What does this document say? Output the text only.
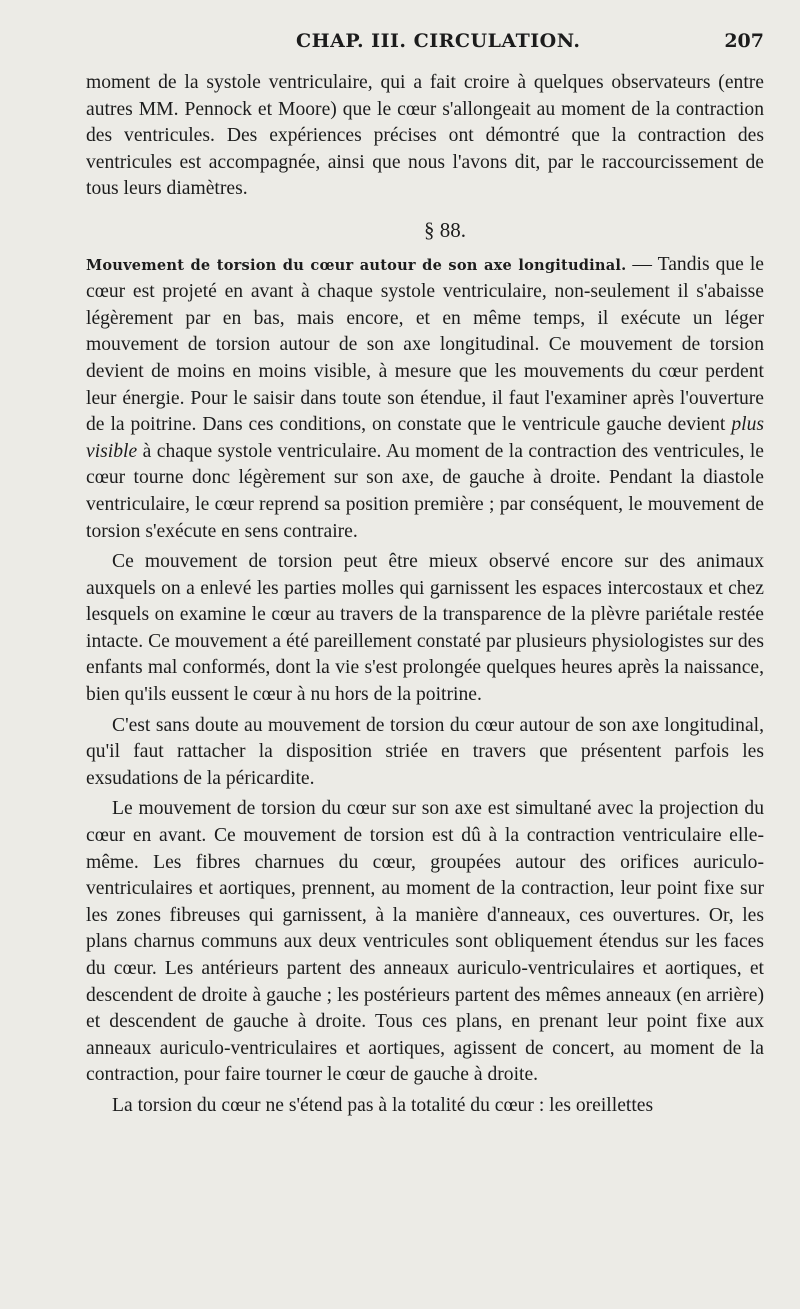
CHAP. III. CIRCULATION.	207

moment de la systole ventriculaire, qui a fait croire à quelques observateurs (entre autres MM. Pennock et Moore) que le cœur s'allongeait au moment de la contraction des ventricules. Des expériences précises ont démontré que la contraction des ventricules est accompagnée, ainsi que nous l'avons dit, par le raccourcissement de tous leurs diamètres.

§ 88.

Mouvement de torsion du cœur autour de son axe longitudinal. — Tandis que le cœur est projeté en avant à chaque systole ventriculaire, non-seulement il s'abaisse légèrement par en bas, mais encore, et en même temps, il exécute un léger mouvement de torsion autour de son axe longitudinal. Ce mouvement de torsion devient de moins en moins visible, à mesure que les mouvements du cœur perdent leur énergie. Pour le saisir dans toute son étendue, il faut l'examiner après l'ouverture de la poitrine. Dans ces conditions, on constate que le ventricule gauche devient plus visible à chaque systole ventriculaire. Au moment de la contraction des ventricules, le cœur tourne donc légèrement sur son axe, de gauche à droite. Pendant la diastole ventriculaire, le cœur reprend sa position première ; par conséquent, le mouvement de torsion s'exécute en sens contraire.

Ce mouvement de torsion peut être mieux observé encore sur des animaux auxquels on a enlevé les parties molles qui garnissent les espaces intercostaux et chez lesquels on examine le cœur au travers de la transparence de la plèvre pariétale restée intacte. Ce mouvement a été pareillement constaté par plusieurs physiologistes sur des enfants mal conformés, dont la vie s'est prolongée quelques heures après la naissance, bien qu'ils eussent le cœur à nu hors de la poitrine.

C'est sans doute au mouvement de torsion du cœur autour de son axe longitudinal, qu'il faut rattacher la disposition striée en travers que présentent parfois les exsudations de la péricardite.

Le mouvement de torsion du cœur sur son axe est simultané avec la projection du cœur en avant. Ce mouvement de torsion est dû à la contraction ventriculaire elle-même. Les fibres charnues du cœur, groupées autour des orifices auriculo-ventriculaires et aortiques, prennent, au moment de la contraction, leur point fixe sur les zones fibreuses qui garnissent, à la manière d'anneaux, ces ouvertures. Or, les plans charnus communs aux deux ventricules sont obliquement étendus sur les faces du cœur. Les antérieurs partent des anneaux auriculo-ventriculaires et aortiques, et descendent de droite à gauche ; les postérieurs partent des mêmes anneaux (en arrière) et descendent de gauche à droite. Tous ces plans, en prenant leur point fixe aux anneaux auriculo-ventriculaires et aortiques, agissent de concert, au moment de la contraction, pour faire tourner le cœur de gauche à droite.

La torsion du cœur ne s'étend pas à la totalité du cœur : les oreillettes
